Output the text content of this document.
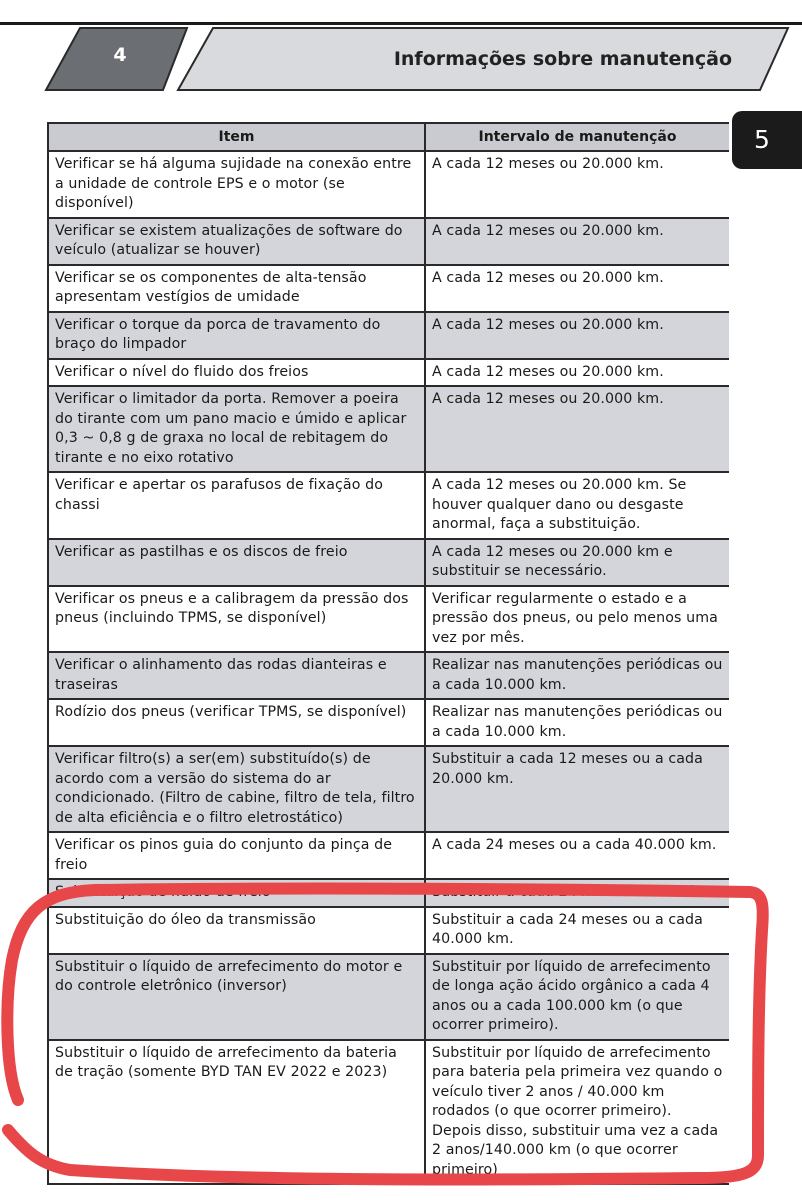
4	Informações sobre manutenção
5
Item	Intervalo de manutenção
Verificar se há alguma sujidade na conexão entre a unidade de controle EPS e o motor (se disponível)	A cada 12 meses ou 20.000 km.
Verificar se existem atualizações de software do veículo (atualizar se houver)	A cada 12 meses ou 20.000 km.
Verificar se os componentes de alta-tensão apresentam vestígios de umidade	A cada 12 meses ou 20.000 km.
Verificar o torque da porca de travamento do braço do limpador	A cada 12 meses ou 20.000 km.
Verificar o nível do fluido dos freios	A cada 12 meses ou 20.000 km.
Verificar o limitador da porta. Remover a poeira do tirante com um pano macio e úmido e aplicar 0,3 ~ 0,8 g de graxa no local de rebitagem do tirante e no eixo rotativo	A cada 12 meses ou 20.000 km.
Verificar e apertar os parafusos de fixação do chassi	A cada 12 meses ou 20.000 km. Se houver qualquer dano ou desgaste anormal, faça a substituição.
Verificar as pastilhas e os discos de freio	A cada 12 meses ou 20.000 km e substituir se necessário.
Verificar os pneus e a calibragem da pressão dos pneus (incluindo TPMS, se disponível)	Verificar regularmente o estado e a pressão dos pneus, ou pelo menos uma vez por mês.
Verificar o alinhamento das rodas dianteiras e traseiras	Realizar nas manutenções periódicas ou a cada 10.000 km.
Rodízio dos pneus (verificar TPMS, se disponível)	Realizar nas manutenções periódicas ou a cada 10.000 km.
Verificar filtro(s) a ser(em) substituído(s) de acordo com a versão do sistema do ar condicionado. (Filtro de cabine, filtro de tela, filtro de alta eficiência e o filtro eletrostático)	Substituir a cada 12 meses ou a cada 20.000 km.
Verificar os pinos guia do conjunto da pinça de freio	A cada 24 meses ou a cada 40.000 km.
Substituição de fluido de freio	Substituir a cada 24 meses ou a cada
Substituição do óleo da transmissão	Substituir a cada 24 meses ou a cada 40.000 km.
Substituir o líquido de arrefecimento do motor e do controle eletrônico (inversor)	Substituir por líquido de arrefecimento de longa ação ácido orgânico a cada 4 anos ou a cada 100.000 km (o que ocorrer primeiro).
Substituir o líquido de arrefecimento da bateria de tração (somente BYD TAN EV 2022 e 2023)	Substituir por líquido de arrefecimento para bateria pela primeira vez quando o veículo tiver 2 anos / 40.000 km rodados (o que ocorrer primeiro). Depois disso, substituir uma vez a cada 2 anos/140.000 km (o que ocorrer primeiro)
